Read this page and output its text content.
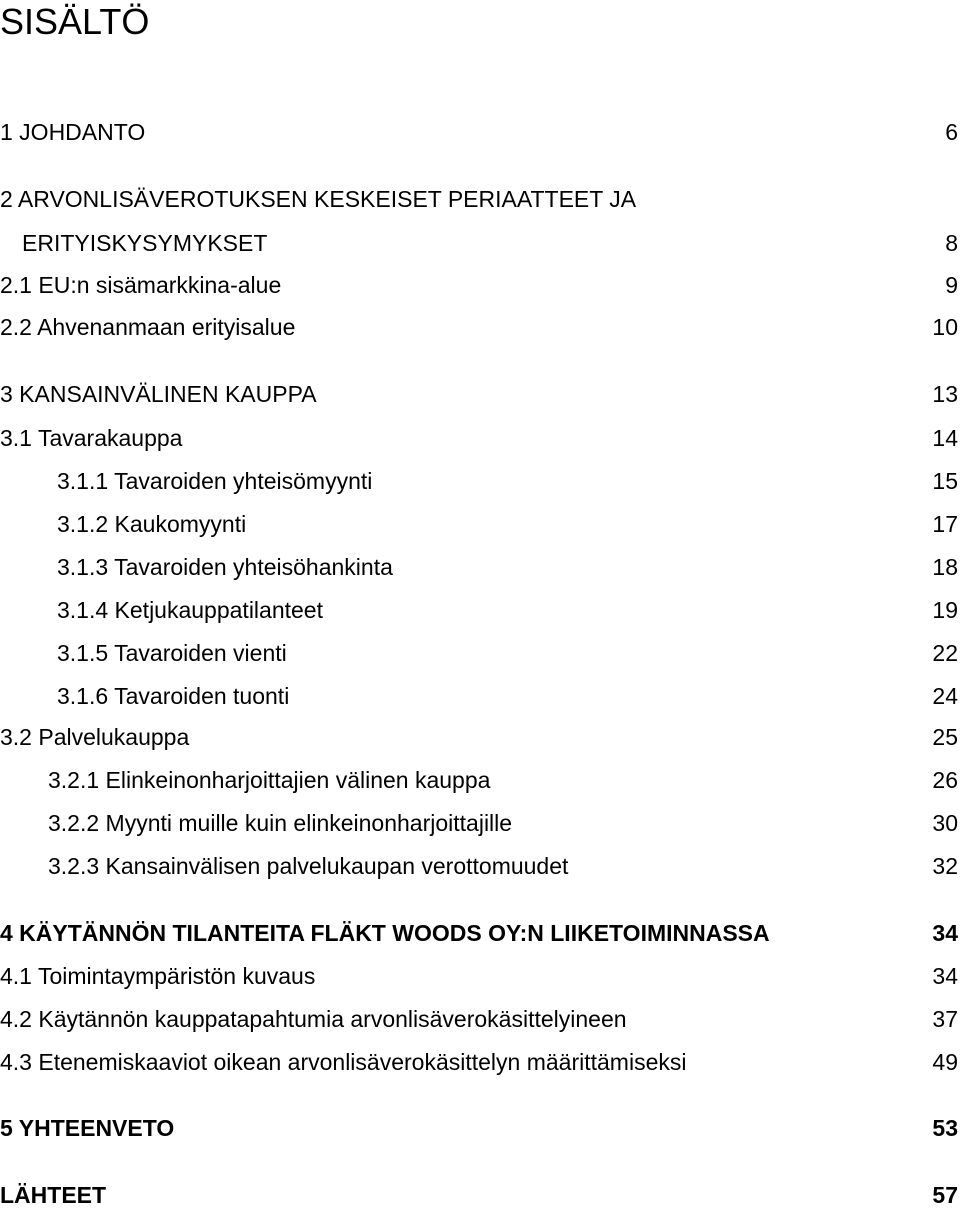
SISÄLTÖ
1 JOHDANTO	6
2 ARVONLISÄVEROTUKSEN KESKEISET PERIAATTEET JA
ERITYISKYSYMYKSET	8
2.1 EU:n sisämarkkina-alue	9
2.2 Ahvenanmaan erityisalue	10
3 KANSAINVÄLINEN KAUPPA	13
3.1 Tavarakauppa	14
3.1.1 Tavaroiden yhteisömyynti	15
3.1.2 Kaukomyynti	17
3.1.3 Tavaroiden yhteisöhankinta	18
3.1.4 Ketjukauppatilanteet	19
3.1.5 Tavaroiden vienti	22
3.1.6 Tavaroiden tuonti	24
3.2 Palvelukauppa	25
3.2.1 Elinkeinonharjoittajien välinen kauppa	26
3.2.2 Myynti muille kuin elinkeinonharjoittajille	30
3.2.3 Kansainvälisen palvelukaupan verottomuudet	32
4 KÄYTÄNNÖN TILANTEITA FLÄKT WOODS OY:N LIIKETOIMINNASSA	34
4.1 Toimintaympäristön kuvaus	34
4.2 Käytännön kauppatapahtumia arvonlisäverokäsittelyineen	37
4.3 Etenemiskaaviot oikean arvonlisäverokäsittelyn määrittämiseksi	49
5 YHTEENVETO	53
LÄHTEET	57
